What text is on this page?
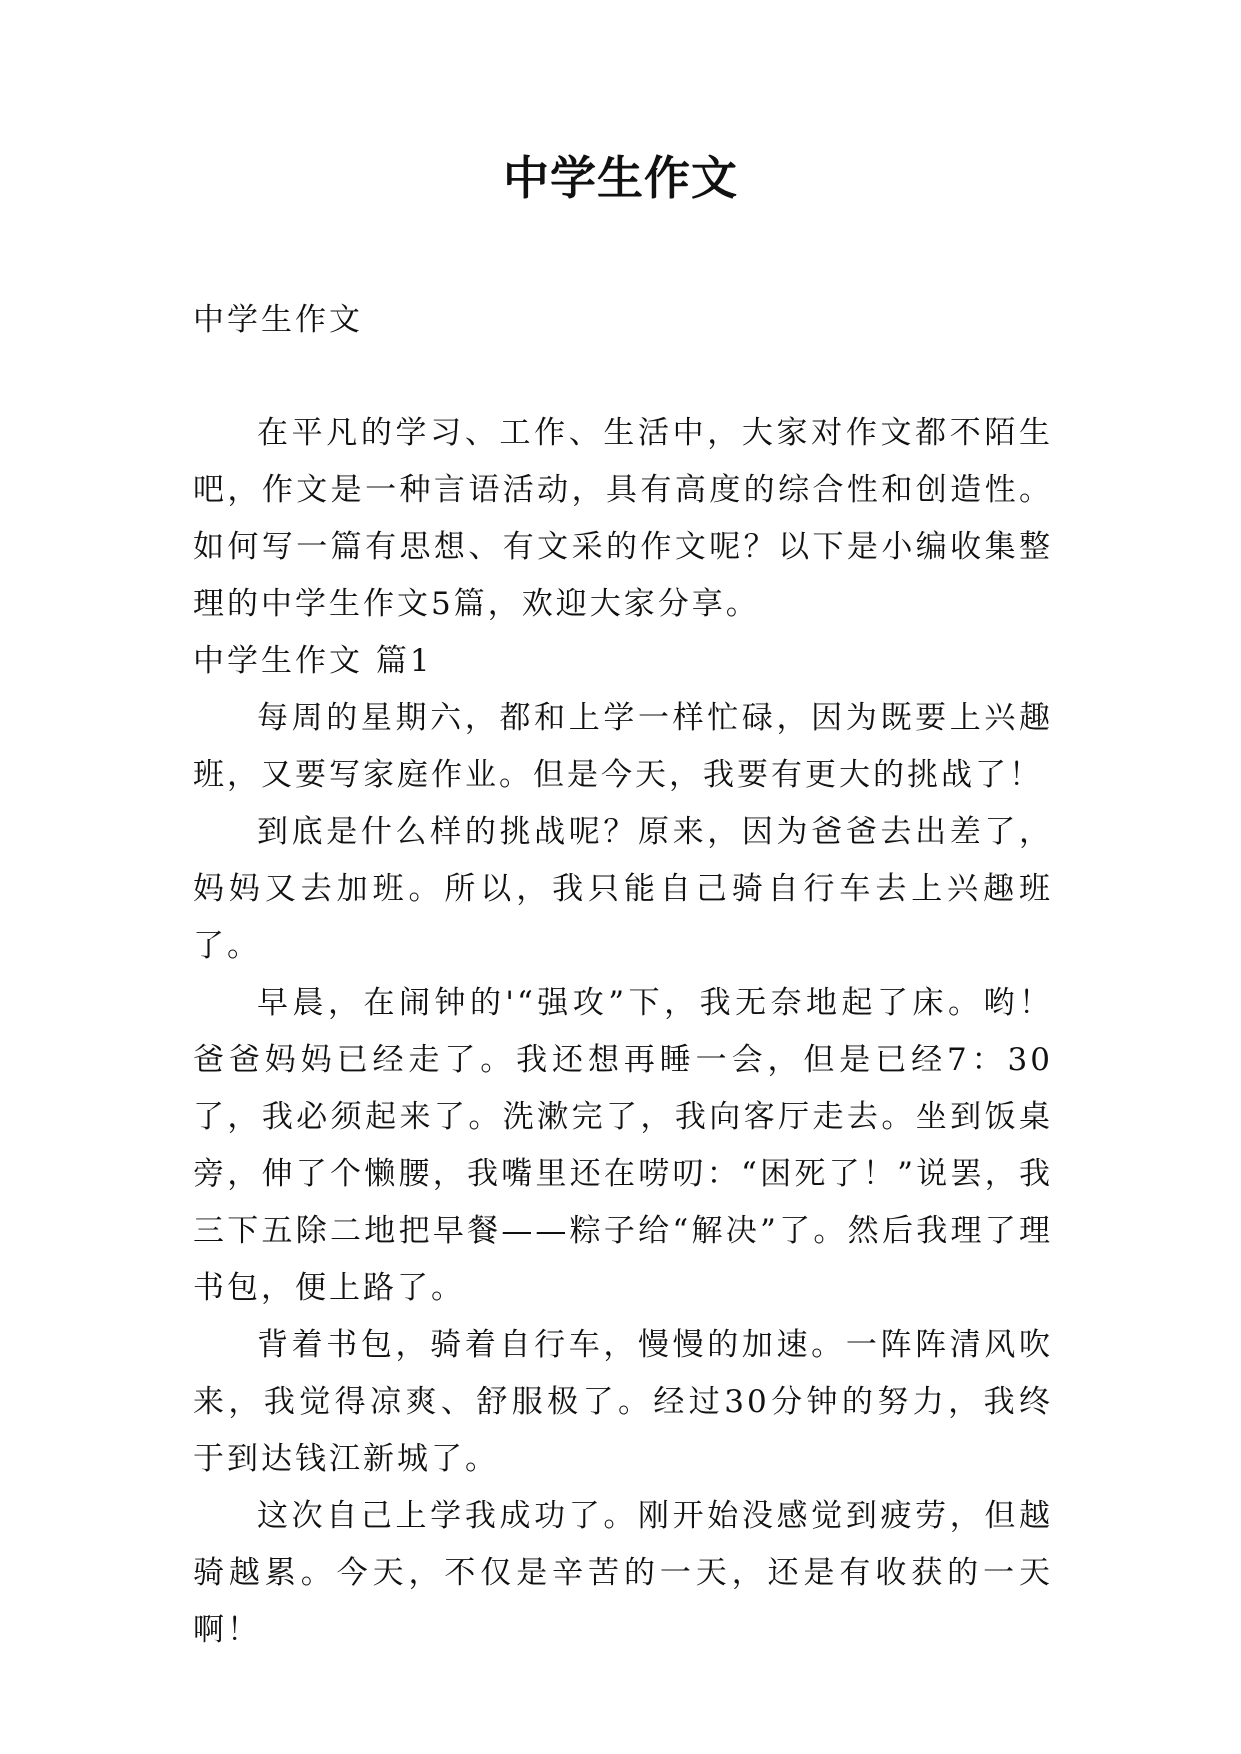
中学生作文

中学生作文

在平凡的学习、工作、生活中，大家对作文都不陌生吧，作文是一种言语活动，具有高度的综合性和创造性。如何写一篇有思想、有文采的作文呢？以下是小编收集整理的中学生作文5篇，欢迎大家分享。

中学生作文 篇1

每周的星期六，都和上学一样忙碌，因为既要上兴趣班，又要写家庭作业。但是今天，我要有更大的挑战了！

到底是什么样的挑战呢？原来，因为爸爸去出差了，妈妈又去加班。所以，我只能自己骑自行车去上兴趣班了。

早晨，在闹钟的'“强攻”下，我无奈地起了床。哟！爸爸妈妈已经走了。我还想再睡一会，但是已经7：30了，我必须起来了。洗漱完了，我向客厅走去。坐到饭桌旁，伸了个懒腰，我嘴里还在唠叨：“困死了！”说罢，我三下五除二地把早餐——粽子给“解决”了。然后我理了理书包，便上路了。

背着书包，骑着自行车，慢慢的加速。一阵阵清风吹来，我觉得凉爽、舒服极了。经过30分钟的努力，我终于到达钱江新城了。

这次自己上学我成功了。刚开始没感觉到疲劳，但越骑越累。今天，不仅是辛苦的一天，还是有收获的一天啊！
